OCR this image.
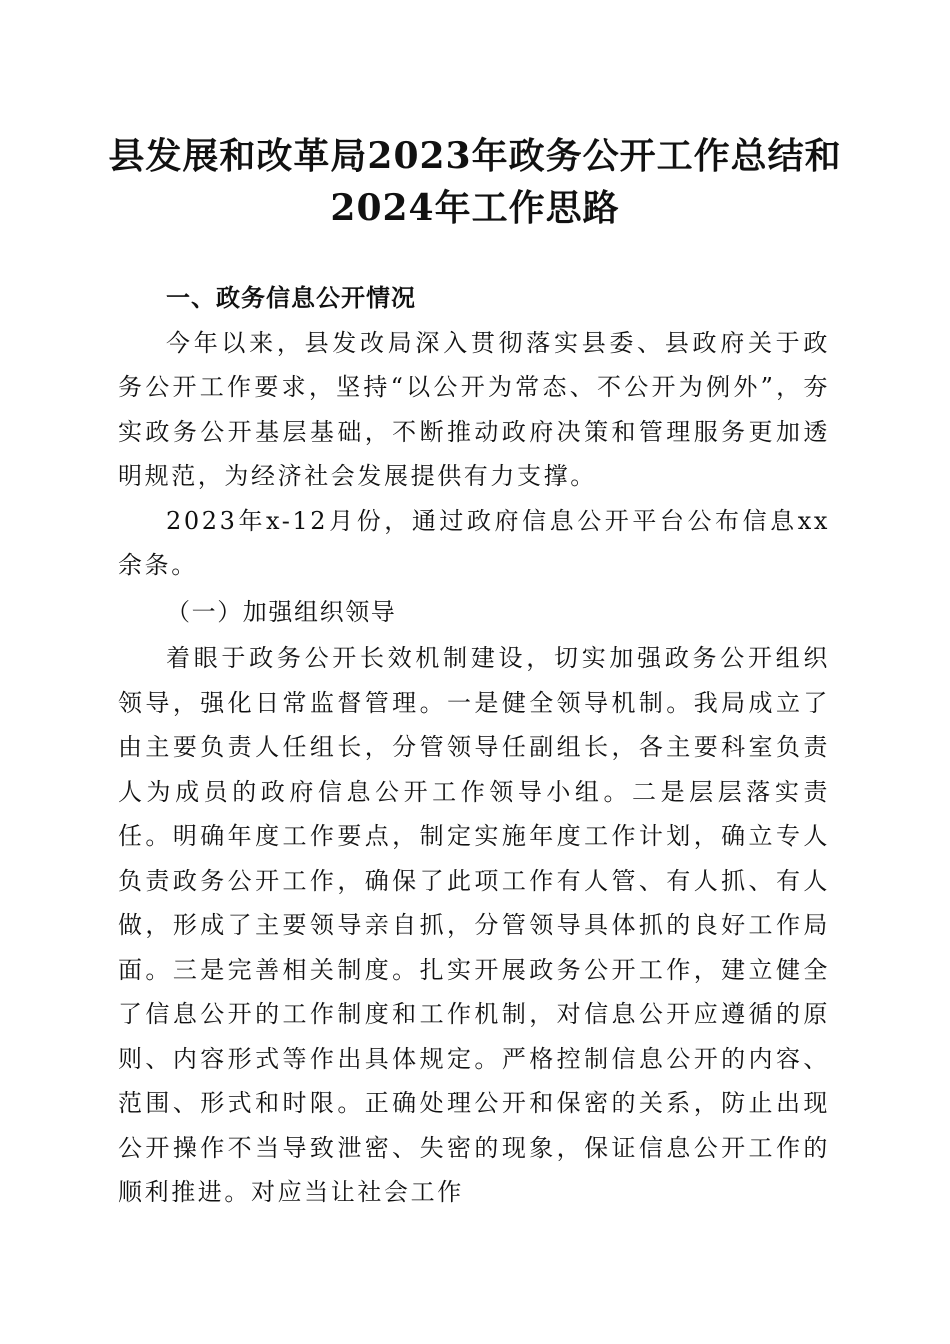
县发展和改革局2023年政务公开工作总结和
2024年工作思路

一、政务信息公开情况

今年以来，县发改局深入贯彻落实县委、县政府关于政务公开工作要求，坚持“以公开为常态、不公开为例外”，夯实政务公开基层基础，不断推动政府决策和管理服务更加透明规范，为经济社会发展提供有力支撑。

2023年x-12月份，通过政府信息公开平台公布信息xx余条。

（一）加强组织领导

着眼于政务公开长效机制建设，切实加强政务公开组织领导，强化日常监督管理。一是健全领导机制。我局成立了由主要负责人任组长，分管领导任副组长，各主要科室负责人为成员的政府信息公开工作领导小组。二是层层落实责任。明确年度工作要点，制定实施年度工作计划，确立专人负责政务公开工作，确保了此项工作有人管、有人抓、有人做，形成了主要领导亲自抓，分管领导具体抓的良好工作局面。三是完善相关制度。扎实开展政务公开工作，建立健全了信息公开的工作制度和工作机制，对信息公开应遵循的原则、内容形式等作出具体规定。严格控制信息公开的内容、范围、形式和时限。正确处理公开和保密的关系，防止出现公开操作不当导致泄密、失密的现象，保证信息公开工作的顺利推进。对应当让社会工作
